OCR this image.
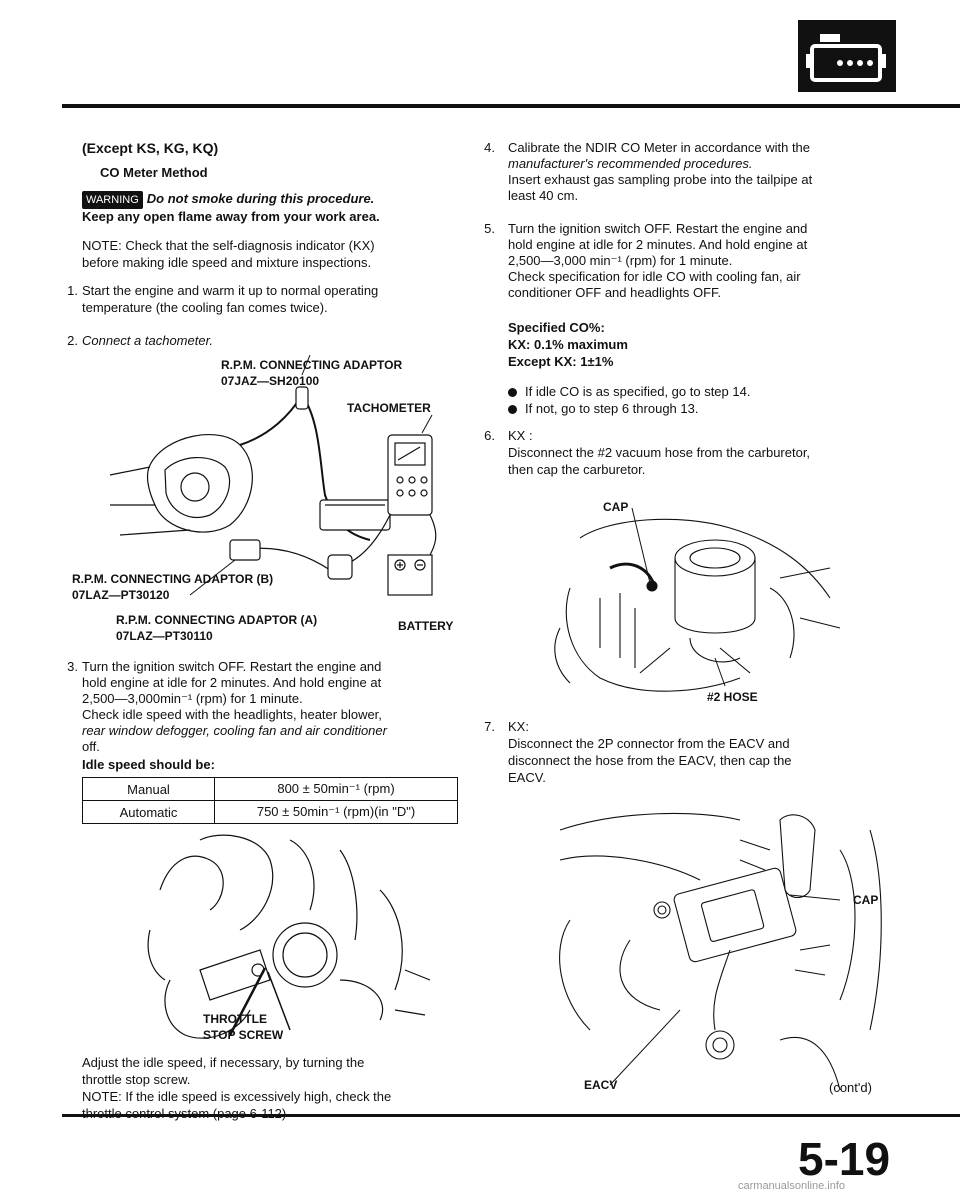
(Except KS, KG, KQ)
CO Meter Method
WARNING Do not smoke during this procedure.
Keep any open flame away from your work area.
NOTE: Check that the self-diagnosis indicator (KX)
before making idle speed and mixture inspections.
1. Start the engine and warm it up to normal operating
temperature (the cooling fan comes twice).
2. Connect a tachometer.
R.P.M. CONNECTING ADAPTOR
07JAZ—SH20100
TACHOMETER
R.P.M. CONNECTING ADAPTOR (B)
07LAZ—PT30120
R.P.M. CONNECTING ADAPTOR (A)
07LAZ—PT30110
BATTERY
3. Turn the ignition switch OFF. Restart the engine and
hold engine at idle for 2 minutes. And hold engine at
2,500—3,000min⁻¹ (rpm) for 1 minute.
Check idle speed with the headlights, heater blower,
rear window defogger, cooling fan and air conditioner
off.
Idle speed should be:
Manual	800 ± 50min⁻¹ (rpm)
Automatic	750 ± 50min⁻¹ (rpm)(in "D")
THROTTLE
STOP SCREW
Adjust the idle speed, if necessary, by turning the
throttle stop screw.
NOTE: If the idle speed is excessively high, check the
4. Calibrate the NDIR CO Meter in accordance with the
manufacturer's recommended procedures.
Insert exhaust gas sampling probe into the tailpipe at
least 40 cm.
5. Turn the ignition switch OFF. Restart the engine and
hold engine at idle for 2 minutes. And hold engine at
2,500—3,000 min⁻¹ (rpm) for 1 minute.
Check specification for idle CO with cooling fan, air
conditioner OFF and headlights OFF.
Specified CO%:
KX: 0.1% maximum
Except KX: 1±1%
If idle CO is as specified, go to step 14.
If not, go to step 6 through 13.
6. KX :
Disconnect the #2 vacuum hose from the carburetor,
then cap the carburetor.
CAP
#2 HOSE
7. KX:
Disconnect the 2P connector from the EACV and
disconnect the hose from the EACV, then cap the
EACV.
CAP
EACV	(cont'd)
5-19
carmanualsonline.info
